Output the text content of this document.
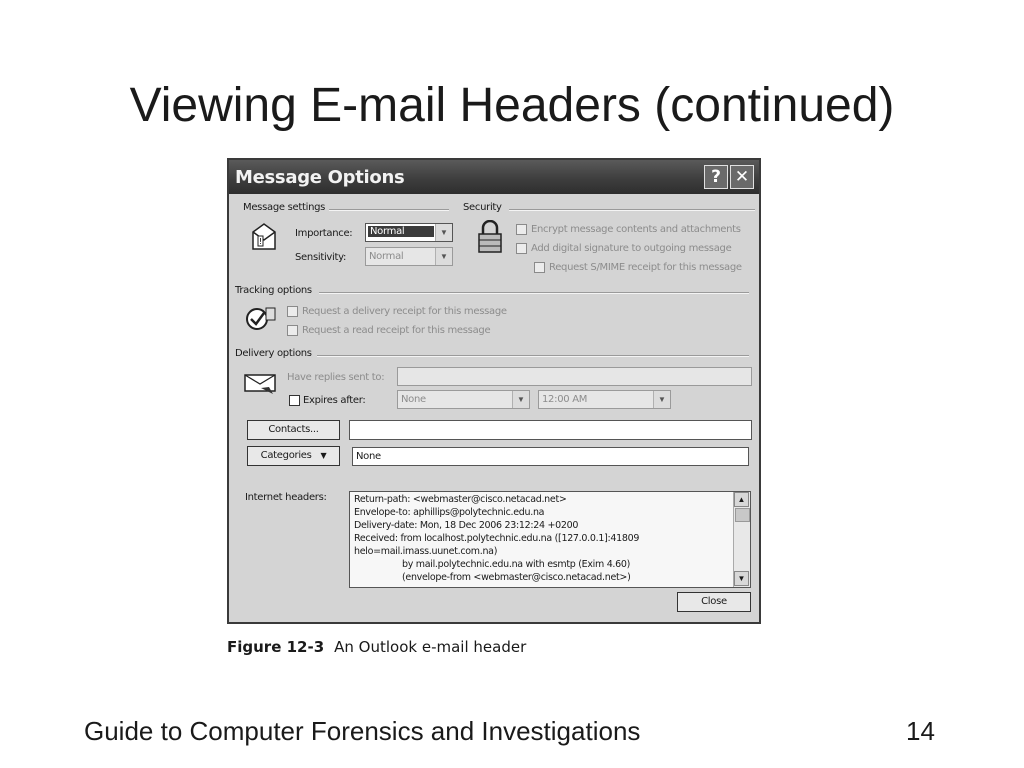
Viewing E-mail Headers (continued)
Message Options	? ✕
Message settings
!
Importance: Normal	▼
Sensitivity: Normal	▼
Security
Encrypt message contents and attachments
Add digital signature to outgoing message
Request S/MIME receipt for this message
Tracking options
Request a delivery receipt for this message
Request a read receipt for this message
Delivery options
Have replies sent to:
Expires after:	None	▼	12:00 AM	▼
Contacts...
Categories ▼	None
Internet headers:	Return-path: <webmaster@cisco.netacad.net>
Envelope-to: aphillips@polytechnic.edu.na
Delivery-date: Mon, 18 Dec 2006 23:12:24 +0200
Received: from localhost.polytechnic.edu.na ([127.0.0.1]:41809
helo=mail.imass.uunet.com.na)
by mail.polytechnic.edu.na with esmtp (Exim 4.60)
(envelope-from <webmaster@cisco.netacad.net>)
▲
▼
Close
Figure 12-3 An Outlook e-mail header
Guide to Computer Forensics and Investigations	14
